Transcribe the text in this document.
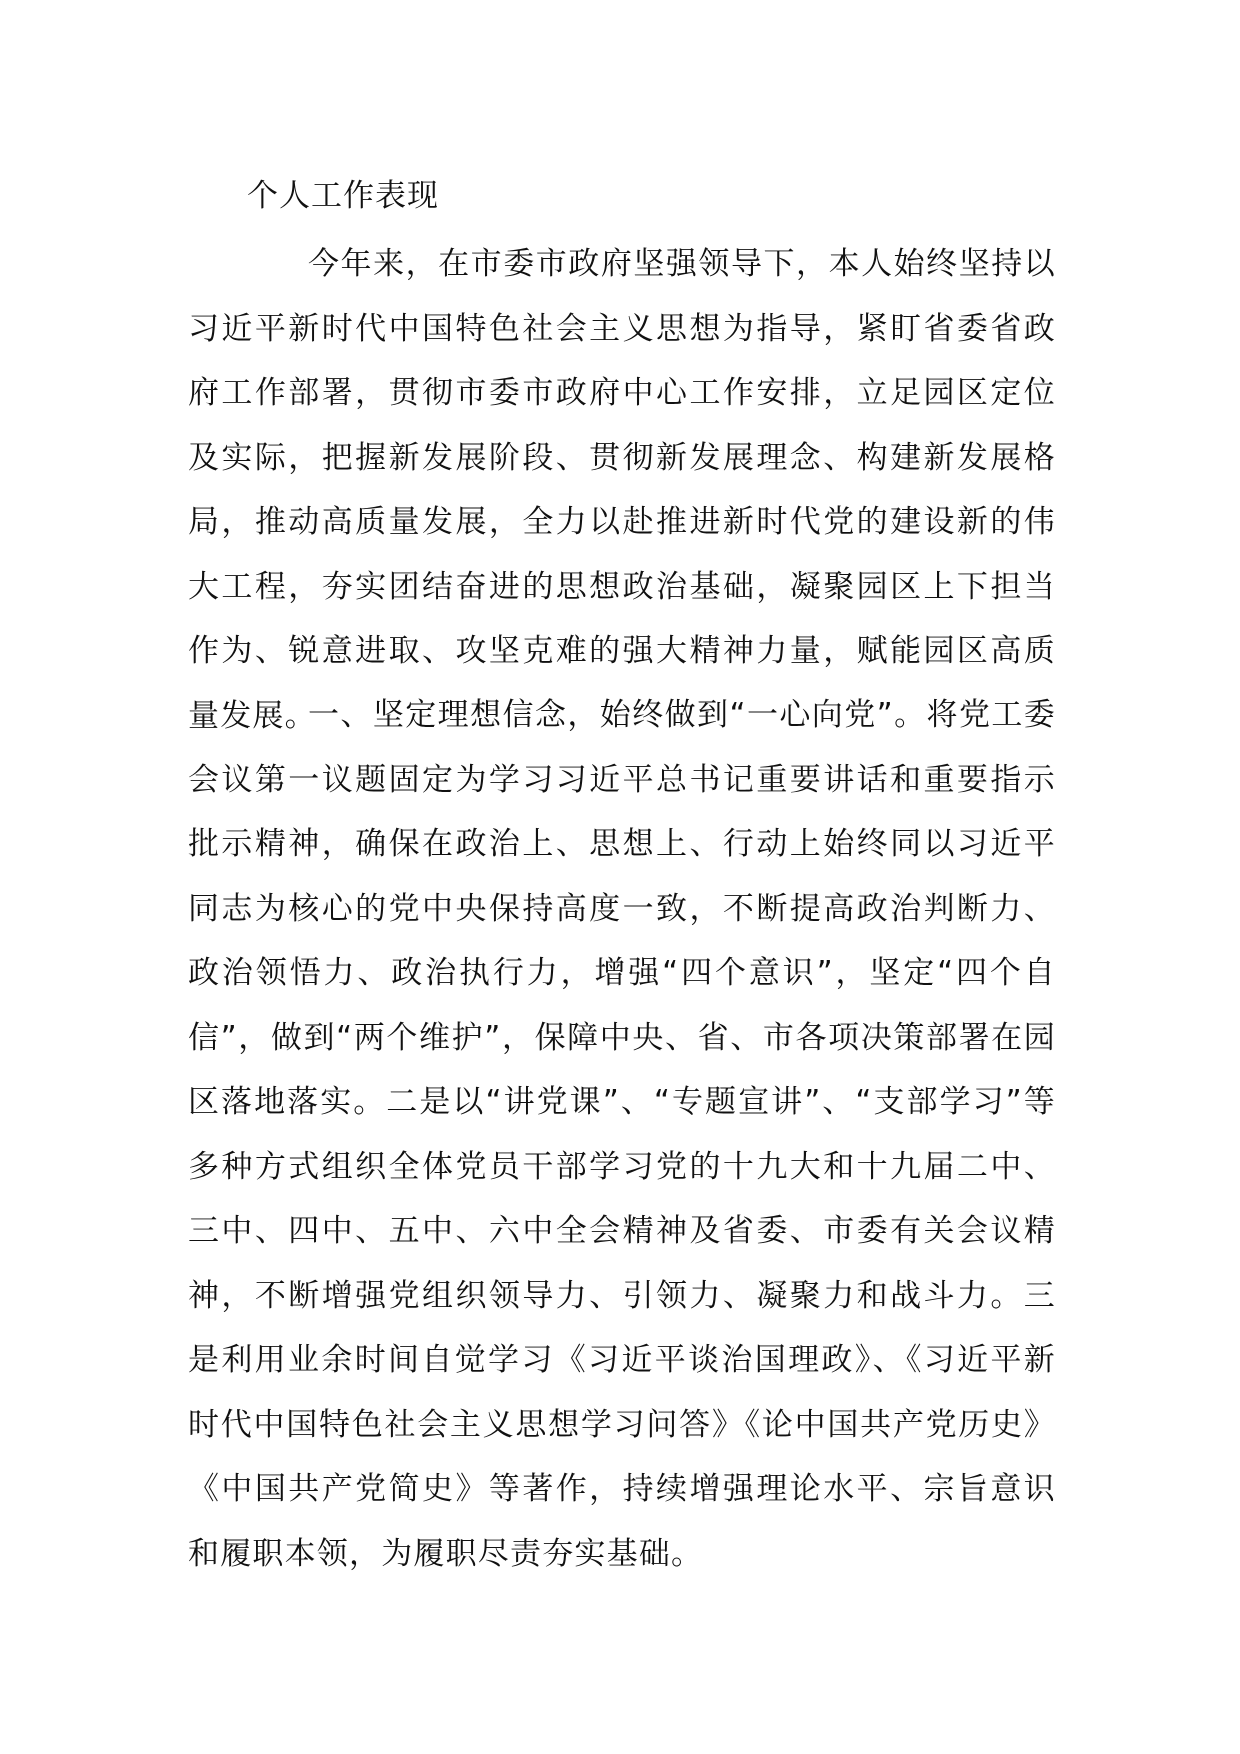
个人工作表现

今年来，在市委市政府坚强领导下，本人始终坚持以习近平新时代中国特色社会主义思想为指导，紧盯省委省政府工作部署，贯彻市委市政府中心工作安排，立足园区定位及实际，把握新发展阶段、贯彻新发展理念、构建新发展格局，推动高质量发展，全力以赴推进新时代党的建设新的伟大工程，夯实团结奋进的思想政治基础，凝聚园区上下担当作为、锐意进取、攻坚克难的强大精神力量，赋能园区高质量发展。

一、坚定理想信念，始终做到“一心向党”。将党工委会议第一议题固定为学习习近平总书记重要讲话和重要指示批示精神，确保在政治上、思想上、行动上始终同以习近平同志为核心的党中央保持高度一致，不断提高政治判断力、政治领悟力、政治执行力，增强“四个意识”，坚定“四个自信”，做到“两个维护”，保障中央、省、市各项决策部署在园区落地落实。二是以“讲党课”、“专题宣讲”、“支部学习”等多种方式组织全体党员干部学习党的十九大和十九届二中、三中、四中、五中、六中全会精神及省委、市委有关会议精神，不断增强党组织领导力、引领力、凝聚力和战斗力。三是利用业余时间自觉学习《习近平谈治国理政》、《习近平新时代中国特色社会主义思想学习问答》《论中国共产党历史》《中国共产党简史》等著作，持续增强理论水平、宗旨意识和履职本领，为履职尽责夯实基础。
